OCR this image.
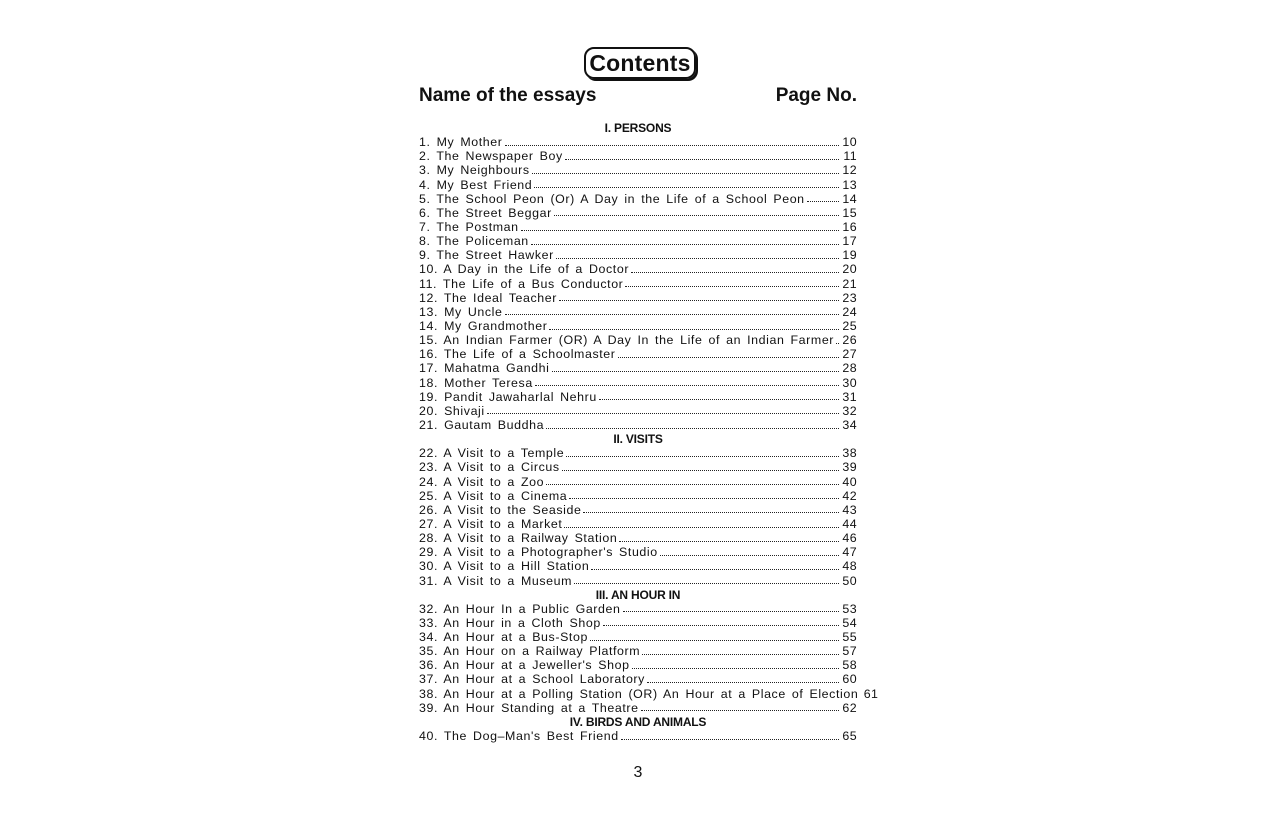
Contents
Name of the essays	Page No.
I. PERSONS
1. My Mother	10
2. The Newspaper Boy	11
3. My Neighbours	12
4. My Best Friend	13
5. The School Peon (Or) A Day in the Life of a School Peon	14
6. The Street Beggar	15
7. The Postman	16
8. The Policeman	17
9. The Street Hawker	19
10. A Day in the Life of a Doctor	20
11. The Life of a Bus Conductor	21
12. The Ideal Teacher	23
13. My Uncle	24
14. My Grandmother	25
15. An Indian Farmer (OR) A Day In the Life of an Indian Farmer 26
16. The Life of a Schoolmaster	27
17. Mahatma Gandhi	28
18. Mother Teresa	30
19. Pandit Jawaharlal Nehru	31
20. Shivaji	32
21. Gautam Buddha	34
II. VISITS
22. A Visit to a Temple	38
23. A Visit to a Circus	39
24. A Visit to a Zoo	40
25. A Visit to a Cinema	42
26. A Visit to the Seaside	43
27. A Visit to a Market	44
28. A Visit to a Railway Station	46
29. A Visit to a Photographer's Studio	47
30. A Visit to a Hill Station	48
31. A Visit to a Museum	50
III. AN HOUR IN
32. An Hour In a Public Garden	53
33. An Hour in a Cloth Shop	54
34. An Hour at a Bus-Stop	55
35. An Hour on a Railway Platform	57
36. An Hour at a Jeweller's Shop	58
37. An Hour at a School Laboratory	60
38. An Hour at a Polling Station (OR) An Hour at a Place of Election 61
39. An Hour Standing at a Theatre	62
IV. BIRDS AND ANIMALS
40. The Dog–Man's Best Friend	65
3
